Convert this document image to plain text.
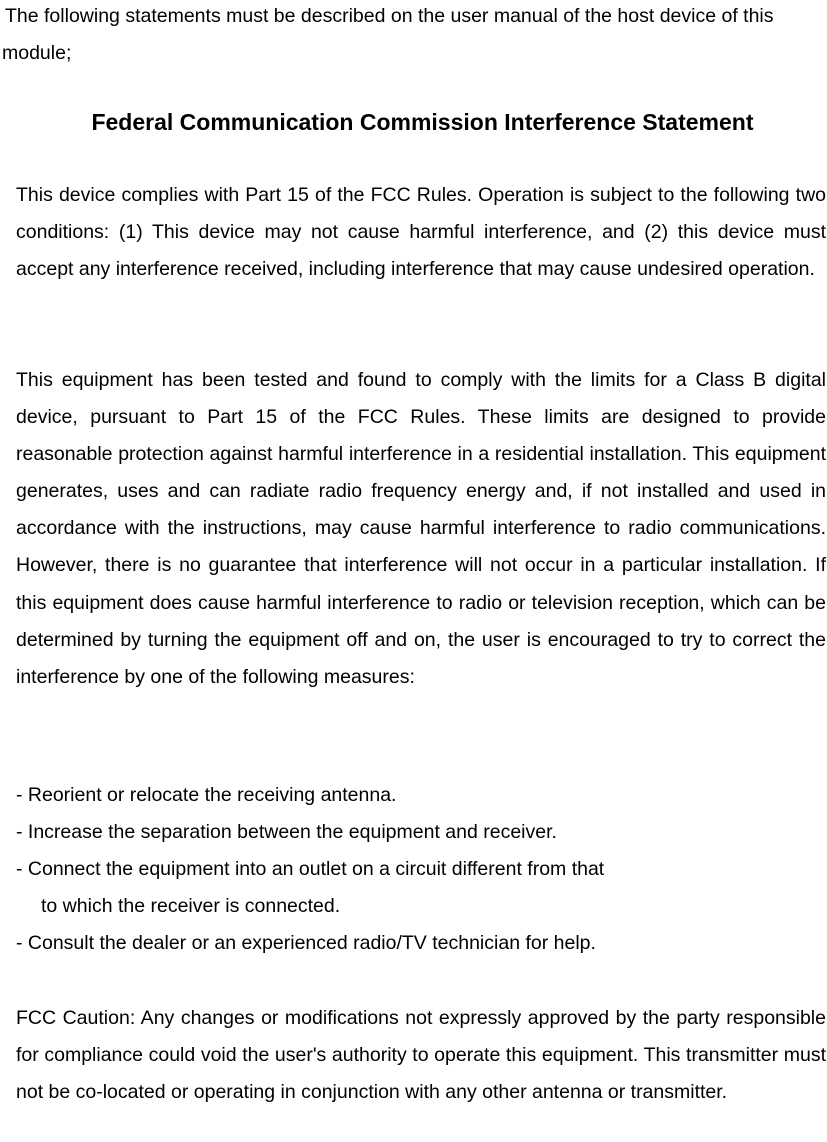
The following statements must be described on the user manual of the host device of this module;

Federal Communication Commission Interference Statement

This device complies with Part 15 of the FCC Rules. Operation is subject to the following two conditions: (1) This device may not cause harmful interference, and (2) this device must accept any interference received, including interference that may cause undesired operation.

This equipment has been tested and found to comply with the limits for a Class B digital device, pursuant to Part 15 of the FCC Rules. These limits are designed to provide reasonable protection against harmful interference in a residential installation. This equipment generates, uses and can radiate radio frequency energy and, if not installed and used in accordance with the instructions, may cause harmful interference to radio communications. However, there is no guarantee that interference will not occur in a particular installation. If this equipment does cause harmful interference to radio or television reception, which can be determined by turning the equipment off and on, the user is encouraged to try to correct the interference by one of the following measures:

- Reorient or relocate the receiving antenna.
- Increase the separation between the equipment and receiver.
- Connect the equipment into an outlet on a circuit different from that
to which the receiver is connected.
- Consult the dealer or an experienced radio/TV technician for help.

FCC Caution: Any changes or modifications not expressly approved by the party responsible for compliance could void the user's authority to operate this equipment. This transmitter must not be co-located or operating in conjunction with any other antenna or transmitter.
